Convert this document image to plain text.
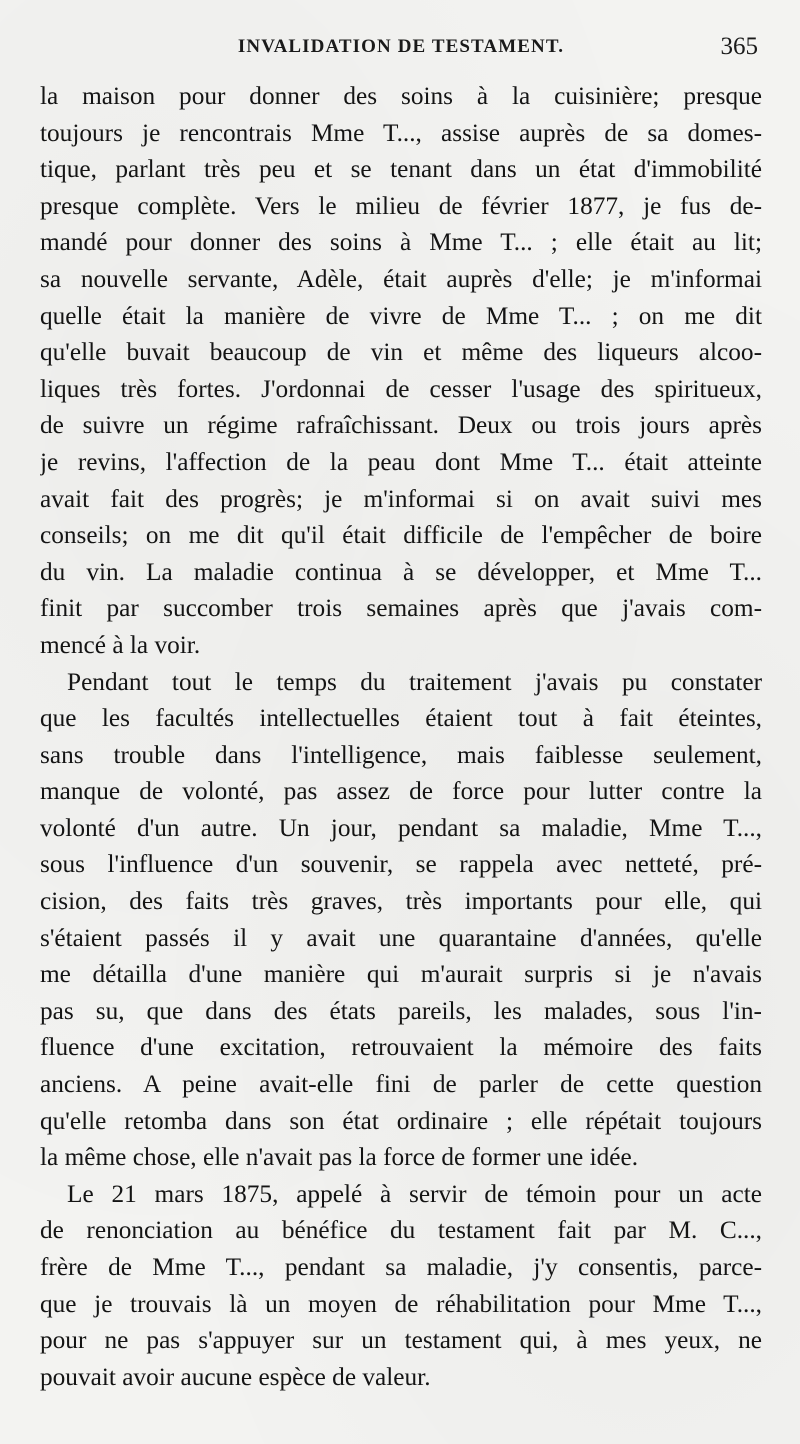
INVALIDATION DE TESTAMENT.	365
la maison pour donner des soins à la cuisinière; presque
toujours je rencontrais Mme T..., assise auprès de sa domes-
tique, parlant très peu et se tenant dans un état d'immobilité
presque complète. Vers le milieu de février 1877, je fus de-
mandé pour donner des soins à Mme T... ; elle était au lit;
sa nouvelle servante, Adèle, était auprès d'elle; je m'informai
quelle était la manière de vivre de Mme T... ; on me dit
qu'elle buvait beaucoup de vin et même des liqueurs alcoo-
liques très fortes. J'ordonnai de cesser l'usage des spiritueux,
de suivre un régime rafraîchissant. Deux ou trois jours après
je revins, l'affection de la peau dont Mme T... était atteinte
avait fait des progrès; je m'informai si on avait suivi mes
conseils; on me dit qu'il était difficile de l'empêcher de boire
du vin. La maladie continua à se développer, et Mme T...
finit par succomber trois semaines après que j'avais com-
mencé à la voir.
Pendant tout le temps du traitement j'avais pu constater
que les facultés intellectuelles étaient tout à fait éteintes,
sans trouble dans l'intelligence, mais faiblesse seulement,
manque de volonté, pas assez de force pour lutter contre la
volonté d'un autre. Un jour, pendant sa maladie, Mme T...,
sous l'influence d'un souvenir, se rappela avec netteté, pré-
cision, des faits très graves, très importants pour elle, qui
s'étaient passés il y avait une quarantaine d'années, qu'elle
me détailla d'une manière qui m'aurait surpris si je n'avais
pas su, que dans des états pareils, les malades, sous l'in-
fluence d'une excitation, retrouvaient la mémoire des faits
anciens. A peine avait-elle fini de parler de cette question
qu'elle retomba dans son état ordinaire ; elle répétait toujours
la même chose, elle n'avait pas la force de former une idée.
Le 21 mars 1875, appelé à servir de témoin pour un acte
de renonciation au bénéfice du testament fait par M. C...,
frère de Mme T..., pendant sa maladie, j'y consentis, parce-
que je trouvais là un moyen de réhabilitation pour Mme T...,
pour ne pas s'appuyer sur un testament qui, à mes yeux, ne
pouvait avoir aucune espèce de valeur.
